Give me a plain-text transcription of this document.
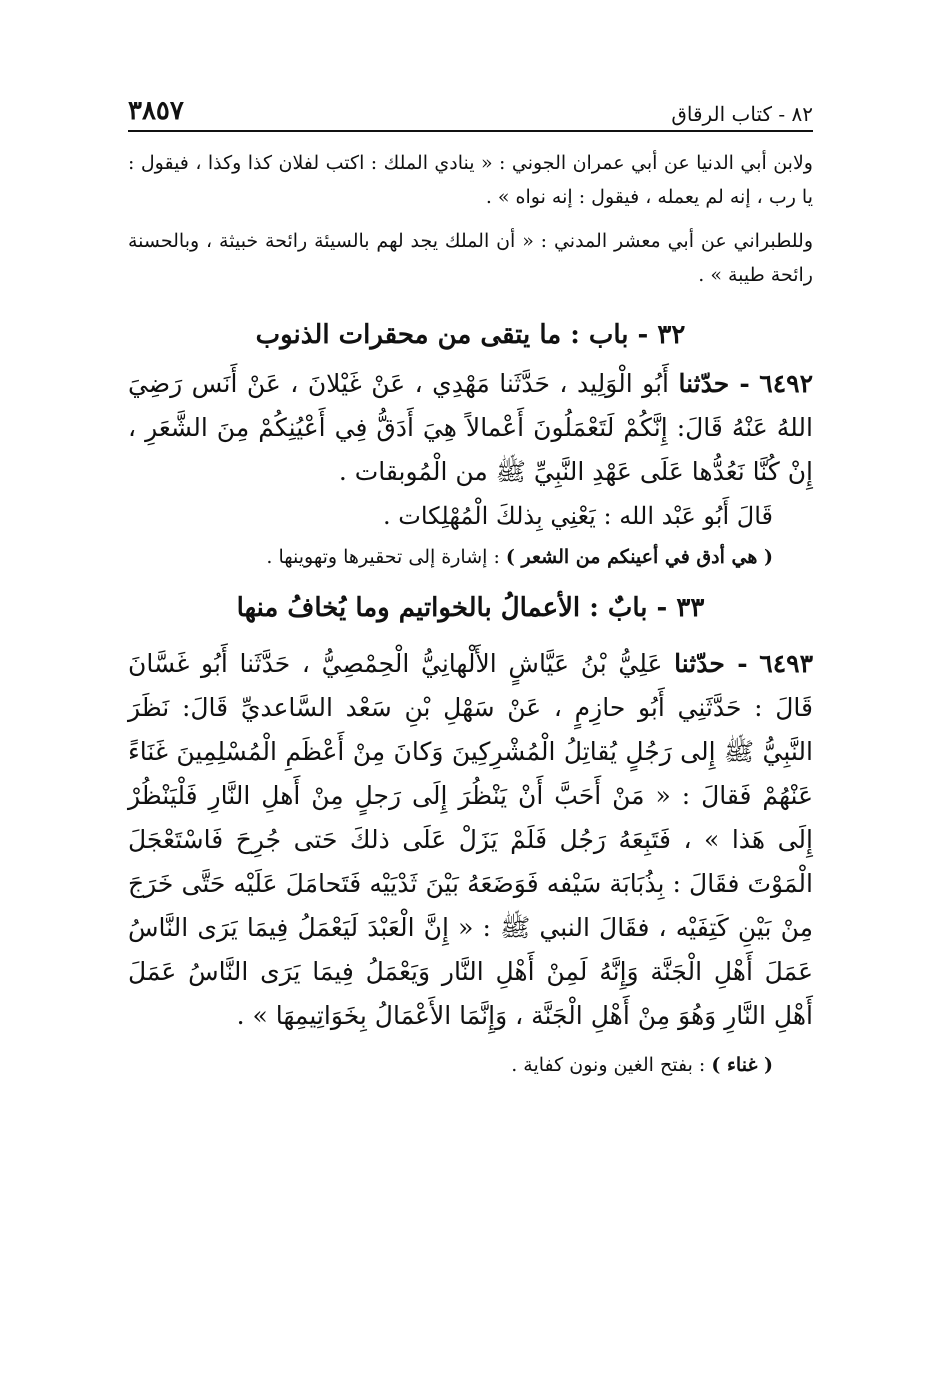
٨٢ - كتاب الرقاق
٣٨٥٧

ولابن أبي الدنيا عن أبي عمران الجوني : « ينادي الملك : اكتب لفلان كذا وكذا ، فيقول : يا رب ، إنه لم يعمله ، فيقول : إنه نواه » .

وللطبراني عن أبي معشر المدني : « أن الملك يجد لهم بالسيئة رائحة خبيثة ، وبالحسنة رائحة طيبة » .

٣٢ - باب : ما يتقى من محقرات الذنوب

٦٤٩٢ - حدّثنا أَبُو الْوَلِيد ، حَدَّثَنا مَهْدِي ، عَنْ غَيْلانَ ، عَنْ أَنَس رَضِيَ اللهُ عَنْهُ قَالَ: إِنَّكُمْ لَتَعْمَلُونَ أَعْمالاً هِيَ أَدَقُّ فِي أَعْيُنِكُمْ مِنَ الشَّعَرِ ، إِنْ كُنَّا نَعُدُّها عَلَى عَهْدِ النَّبِيِّ ﷺ من الْمُوبقات .

قَالَ أَبُو عَبْد الله : يَعْنِي بِذلكَ الْمُهْلِكات .

( هي أدق في أعينكم من الشعر ) : إشارة إلى تحقيرها وتهوينها .

٣٣ - بابٌ : الأعمالُ بالخواتيم وما يُخافُ منها

٦٤٩٣ - حدّثنا عَلِيُّ بْنُ عَيَّاشٍ الأَلْهانِيُّ الْحِمْصِيُّ ، حَدَّثَنا أَبُو غَسَّانَ قَالَ : حَدَّثَنِي أَبُو حازِمٍ ، عَنْ سَهْلِ بْنِ سَعْد السَّاعديِّ قَالَ: نَظَرَ النَّبِيُّ ﷺ إِلى رَجُلٍ يُقاتِلُ الْمُشْرِكِينَ وَكانَ مِنْ أَعْظَمِ الْمُسْلِمِينَ غَنَاءً عَنْهُمْ فَقالَ : « مَنْ أَحَبَّ أَنْ يَنْظُرَ إِلَى رَجلٍ مِنْ أَهلِ النَّارِ فَلْيَنْظُرْ إِلَى هَذا » ، فَتَبِعَهُ رَجُل فَلَمْ يَزَلْ عَلَى ذلكَ حَتى جُرِحَ فَاسْتَعْجَلَ الْمَوْتَ فقَالَ : بِذُبَابَة سَيْفه فَوَضَعَهُ بَيْنَ ثَدْيَيْه فَتَحامَلَ عَلَيْه حَتَّى خَرَجَ مِنْ بَيْنِ كَتِفَيْه ، فقَالَ النبي ﷺ : « إِنَّ الْعَبْدَ لَيَعْمَلُ فِيمَا يَرَى النَّاسُ عَمَلَ أَهْلِ الْجَنَّة وَإِنَّهُ لَمِنْ أَهْلِ النَّار وَيَعْمَلُ فِيمَا يَرَى النَّاسُ عَمَلَ أَهْلِ النَّارِ وَهُوَ مِنْ أَهْلِ الْجَنَّة ، وَإِنَّمَا الأَعْمَالُ بِخَوَاتِيمِهَا » .

( غناء ) : بفتح الغين ونون كفاية .
